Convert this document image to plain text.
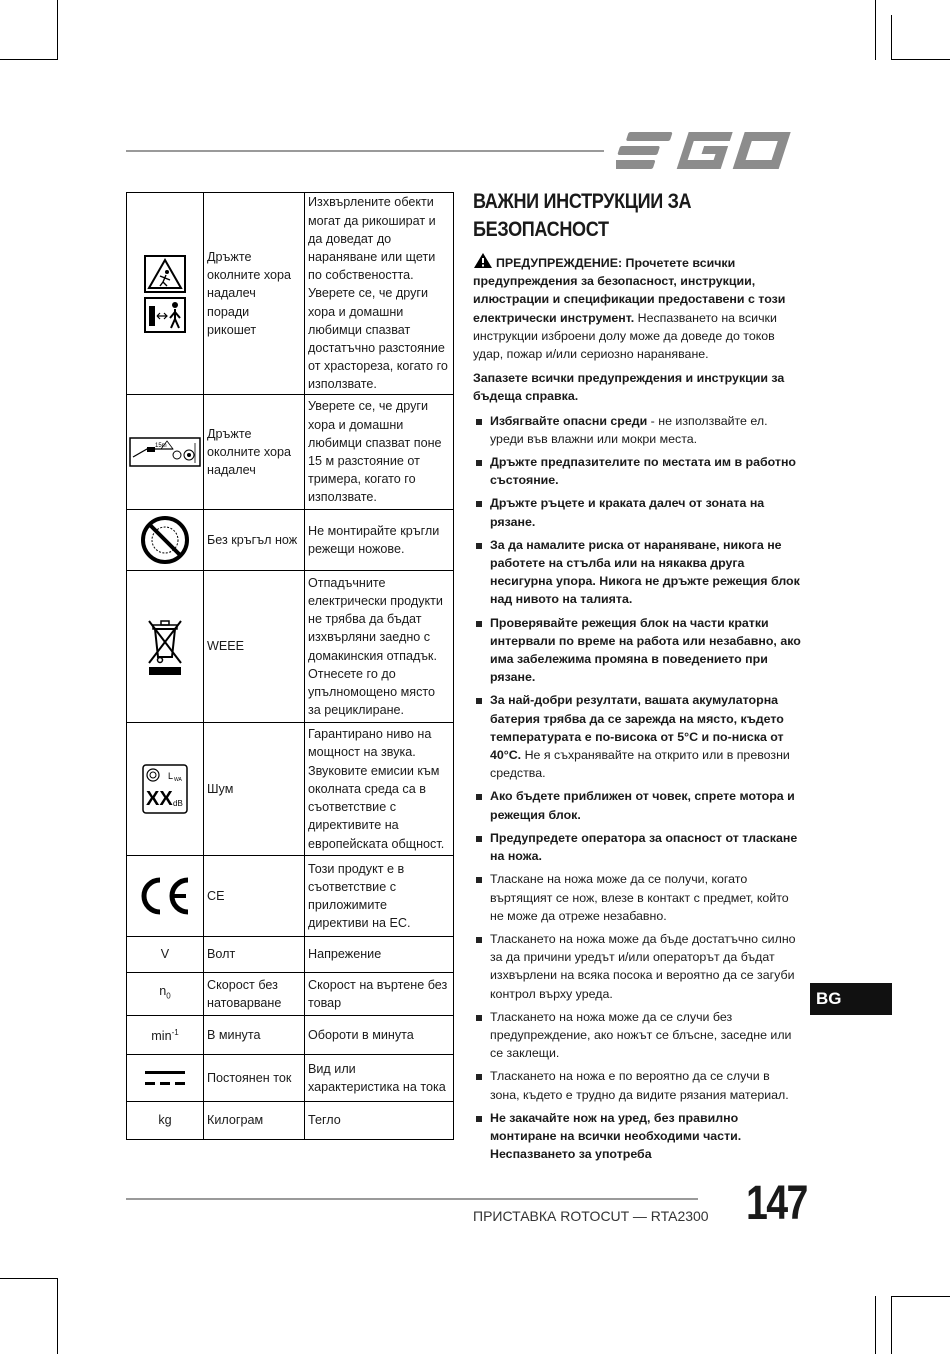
	Дръжте околните хора надалеч поради рикошет	Изхвърлените обекти могат да рикошират и да доведат до нараняване или щети по собствеността. Уверете се, че други хора и домашни любимци спазват достатъчно разстояние от храстореза, когато го използвате.

15m	Дръжте околните хора надалеч	Уверете се, че други хора и домашни любимци спазват поне 15 м разстояние от тримера, когато го използвате.
	Без кръгъл нож	Не монтирайте кръгли режещи ножове.
	WEEE	Отпадъчните електрически продукти не трябва да бъдат изхвърляни заедно с домакинския отпадък. Отнесете го до упълномощено място за рециклиране.

L WA
XX dB	Шум	Гарантирано ниво на мощност на звука. Звуковите емисии към околната среда са в съответствие с директивите на европейската общност.
	CE	Този продукт е в съответствие с приложимите директиви на ЕС.
V	Волт	Напрежение
$n_0$	Скорост без натоварване	Скорост на въртене без товар
$\min^{-1}$	В минута	Обороти в минута
	Постоянен ток	Вид или характеристика на тока
kg	Килограм	Тегло
ВАЖНИ ИНСТРУКЦИИ ЗА БЕЗОПАСНОСТ

ПРЕДУПРЕЖДЕНИЕ: Прочетете всички предупреждения за безопасност, инструкции, илюстрации и спецификации предоставени с този електрически инструмент. Неспазването на всички инструкции изброени долу може да доведе до токов удар, пожар и/или сериозно нараняване.

Запазете всички предупреждения и инструкции за бъдеща справка.

Избягвайте опасни среди - не използвайте ел. уреди във влажни или мокри места.
Дръжте предпазителите по местата им в работно състояние.
Дръжте ръцете и краката далеч от зоната на рязане.
За да намалите риска от нараняване, никога не работете на стълба или на някаква друга несигурна упора. Никога не дръжте режещия блок над нивото на талията.
Проверявайте режещия блок на части кратки интервали по време на работа или незабавно, ако има забележима промяна в поведението при рязане.
За най-добри резултати, вашата акумулаторна батерия трябва да се зарежда на място, където температурата е по-висока от 5°C и по-ниска от 40°C. Не я съхранявайте на открито или в превозни средства.
Ако бъдете приближен от човек, спрете мотора и режещия блок.
Предупредете оператора за опасност от тласкане на ножа.
Тласкане на ножа може да се получи, когато въртящият се нож, влезе в контакт с предмет, който не може да отреже незабавно.
Тласкането на ножа може да бъде достатъчно силно за да причини уредът и/или операторът да бъдат изхвърлени на всяка посока и вероятно да се загуби контрол върху уреда.
Тласкането на ножа може да се случи без предупреждение, ако ножът се блъсне, заседне или се заклещи.
Тласкането на ножа е по вероятно да се случи в зона, където е трудно да видите рязания материал.
Не закачайте нож на уред, без правилно монтиране на всички необходими части. Неспазването за употреба
BG
ПРИСТАВКА ROTOCUT — RTA2300 147
